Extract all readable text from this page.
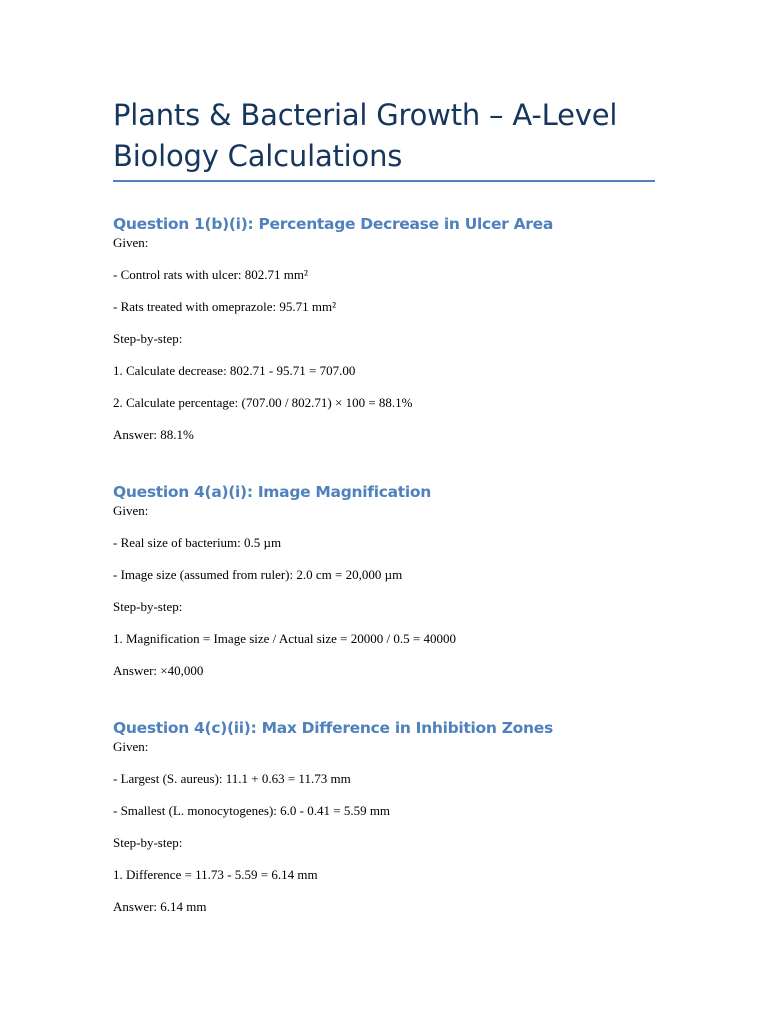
Plants & Bacterial Growth – A-Level Biology Calculations
Question 1(b)(i): Percentage Decrease in Ulcer Area

Given:

- Control rats with ulcer: 802.71 mm²

- Rats treated with omeprazole: 95.71 mm²

Step-by-step:

1. Calculate decrease: 802.71 - 95.71 = 707.00

2. Calculate percentage: (707.00 / 802.71) × 100 = 88.1%

Answer: 88.1%

Question 4(a)(i): Image Magnification

Given:

- Real size of bacterium: 0.5 µm

- Image size (assumed from ruler): 2.0 cm = 20,000 µm

Step-by-step:

1. Magnification = Image size / Actual size = 20000 / 0.5 = 40000

Answer: ×40,000

Question 4(c)(ii): Max Difference in Inhibition Zones

Given:

- Largest (S. aureus): 11.1 + 0.63 = 11.73 mm

- Smallest (L. monocytogenes): 6.0 - 0.41 = 5.59 mm

Step-by-step:

1. Difference = 11.73 - 5.59 = 6.14 mm

Answer: 6.14 mm
